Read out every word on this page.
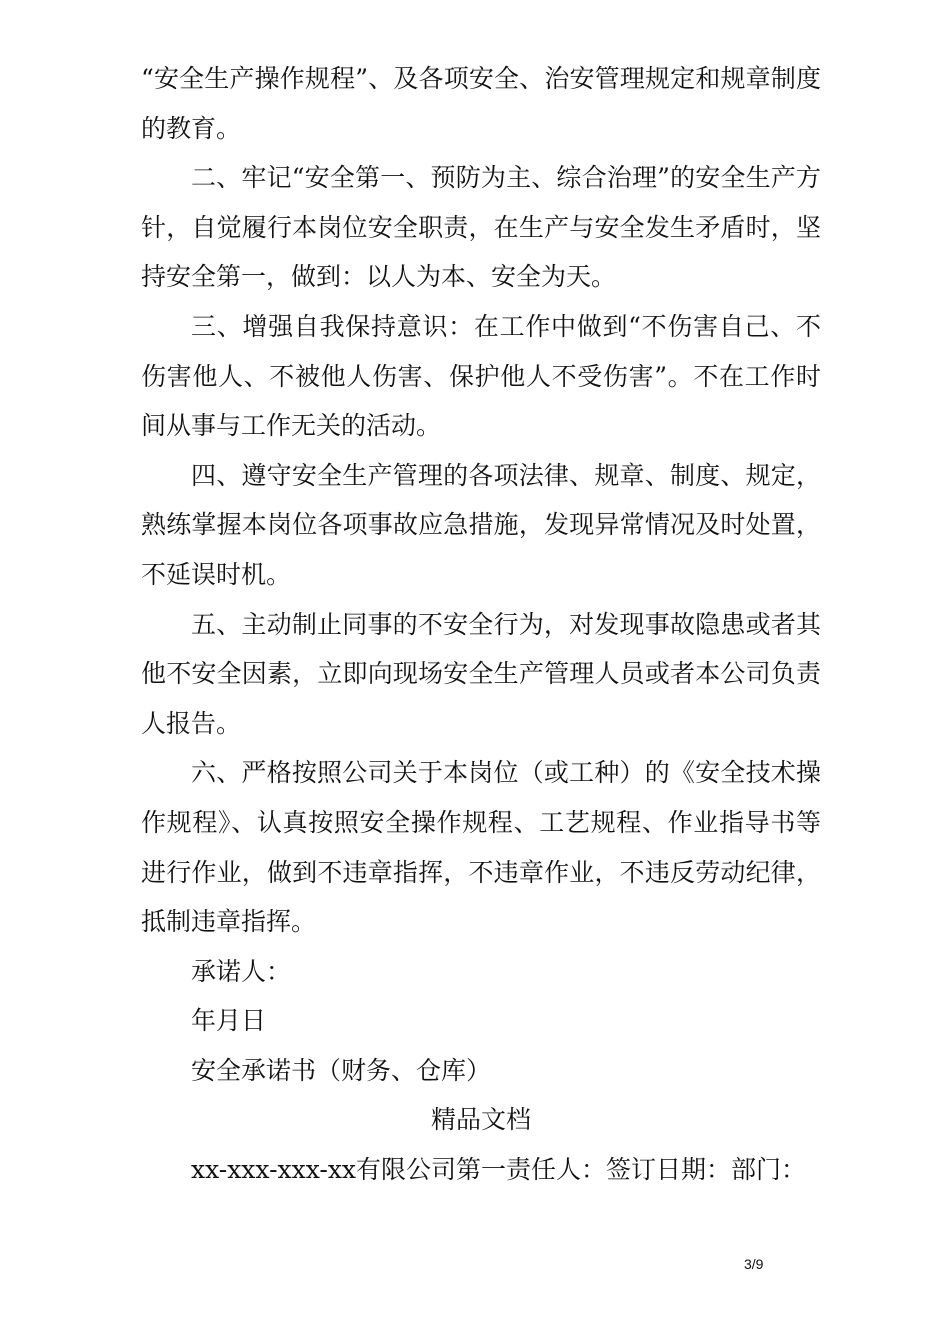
“安全生产操作规程”、及各项安全、治安管理规定和规章制度的教育。

二、牢记“安全第一、预防为主、综合治理”的安全生产方针，自觉履行本岗位安全职责，在生产与安全发生矛盾时，坚持安全第一，做到：以人为本、安全为天。

三、增强自我保持意识：在工作中做到“不伤害自己、不伤害他人、不被他人伤害、保护他人不受伤害”。不在工作时间从事与工作无关的活动。

四、遵守安全生产管理的各项法律、规章、制度、规定，熟练掌握本岗位各项事故应急措施，发现异常情况及时处置，不延误时机。

五、主动制止同事的不安全行为，对发现事故隐患或者其他不安全因素，立即向现场安全生产管理人员或者本公司负责人报告。

六、严格按照公司关于本岗位（或工种）的《安全技术操作规程》、认真按照安全操作规程、工艺规程、作业指导书等进行作业，做到不违章指挥，不违章作业，不违反劳动纪律，抵制违章指挥。

承诺人：

年月日

安全承诺书（财务、仓库）

精品文档

xx-xxx-xxx-xx有限公司第一责任人：签订日期：部门：

3/9
